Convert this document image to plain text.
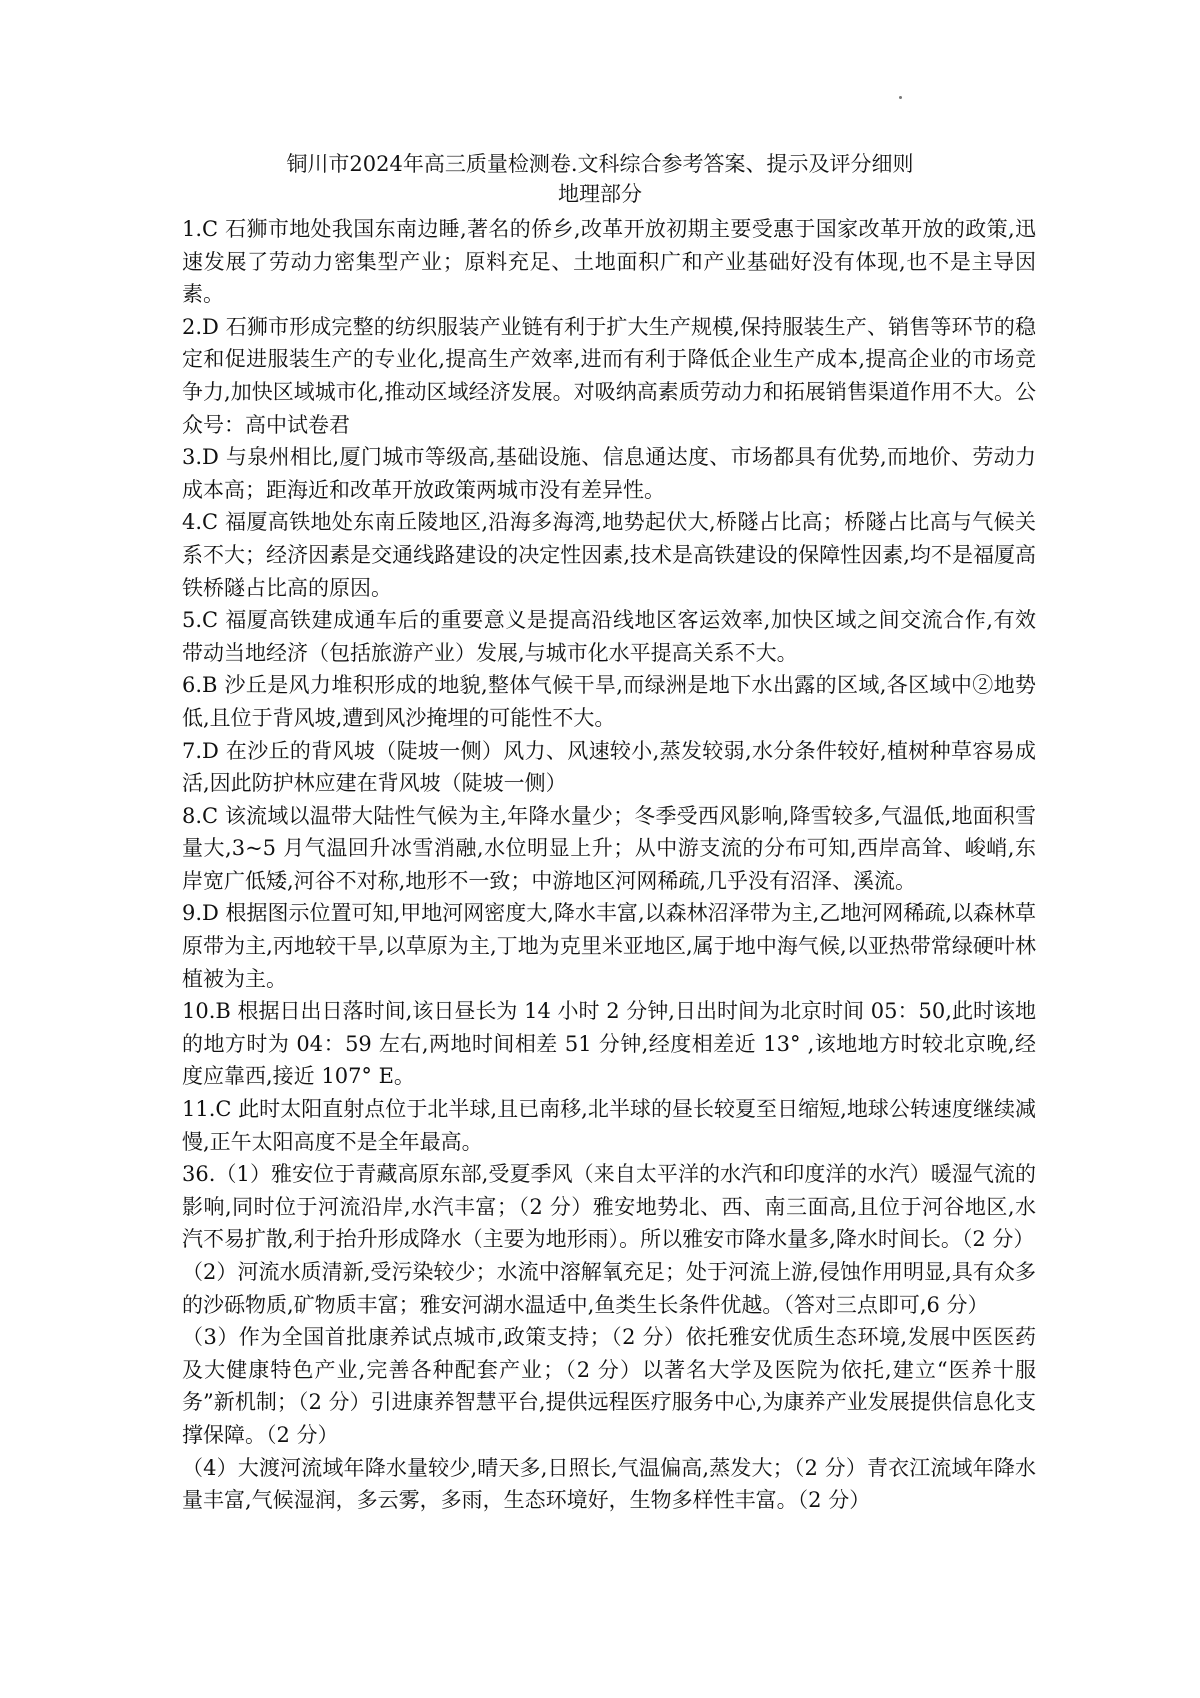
铜川市2024年高三质量检测卷.文科综合参考答案、提示及评分细则
地理部分

1.C 石狮市地处我国东南边睡,著名的侨乡,改革开放初期主要受惠于国家改革开放的政策,迅速发展了劳动力密集型产业；原料充足、土地面积广和产业基础好没有体现,也不是主导因素。

2.D 石狮市形成完整的纺织服装产业链有利于扩大生产规模,保持服装生产、销售等环节的稳定和促进服装生产的专业化,提高生产效率,进而有利于降低企业生产成本,提高企业的市场竞争力,加快区域城市化,推动区域经济发展。对吸纳高素质劳动力和拓展销售渠道作用不大。公众号：高中试卷君

3.D 与泉州相比,厦门城市等级高,基础设施、信息通达度、市场都具有优势,而地价、劳动力成本高；距海近和改革开放政策两城市没有差异性。

4.C 福厦高铁地处东南丘陵地区,沿海多海湾,地势起伏大,桥隧占比高；桥隧占比高与气候关系不大；经济因素是交通线路建设的决定性因素,技术是高铁建设的保障性因素,均不是福厦高铁桥隧占比高的原因。

5.C 福厦高铁建成通车后的重要意义是提高沿线地区客运效率,加快区域之间交流合作,有效带动当地经济（包括旅游产业）发展,与城市化水平提高关系不大。

6.B 沙丘是风力堆积形成的地貌,整体气候干旱,而绿洲是地下水出露的区域,各区域中②地势低,且位于背风坡,遭到风沙掩埋的可能性不大。

7.D 在沙丘的背风坡（陡坡一侧）风力、风速较小,蒸发较弱,水分条件较好,植树种草容易成活,因此防护林应建在背风坡（陡坡一侧）

8.C 该流域以温带大陆性气候为主,年降水量少；冬季受西风影响,降雪较多,气温低,地面积雪量大,3~5 月气温回升冰雪消融,水位明显上升；从中游支流的分布可知,西岸高耸、峻峭,东岸宽广低矮,河谷不对称,地形不一致；中游地区河网稀疏,几乎没有沼泽、溪流。

9.D 根据图示位置可知,甲地河网密度大,降水丰富,以森林沼泽带为主,乙地河网稀疏,以森林草原带为主,丙地较干旱,以草原为主,丁地为克里米亚地区,属于地中海气候,以亚热带常绿硬叶林植被为主。

10.B 根据日出日落时间,该日昼长为 14 小时 2 分钟,日出时间为北京时间 05：50,此时该地的地方时为 04：59 左右,两地时间相差 51 分钟,经度相差近 13° ,该地地方时较北京晚,经度应靠西,接近 107° E。

11.C 此时太阳直射点位于北半球,且已南移,北半球的昼长较夏至日缩短,地球公转速度继续减慢,正午太阳高度不是全年最高。

36.（1）雅安位于青藏高原东部,受夏季风（来自太平洋的水汽和印度洋的水汽）暖湿气流的影响,同时位于河流沿岸,水汽丰富；（2 分）雅安地势北、西、南三面高,且位于河谷地区,水汽不易扩散,利于抬升形成降水（主要为地形雨）。所以雅安市降水量多,降水时间长。（2 分）

（2）河流水质清新,受污染较少；水流中溶解氧充足；处于河流上游,侵蚀作用明显,具有众多的沙砾物质,矿物质丰富；雅安河湖水温适中,鱼类生长条件优越。（答对三点即可,6 分）

（3）作为全国首批康养试点城市,政策支持；（2 分）依托雅安优质生态环境,发展中医医药及大健康特色产业,完善各种配套产业；（2 分）以著名大学及医院为依托,建立“医养十服务”新机制；（2 分）引进康养智慧平台,提供远程医疗服务中心,为康养产业发展提供信息化支撑保障。（2 分）

（4）大渡河流域年降水量较少,晴天多,日照长,气温偏高,蒸发大；（2 分）青衣江流域年降水量丰富,气候湿润，多云雾，多雨，生态环境好，生物多样性丰富。（2 分）
